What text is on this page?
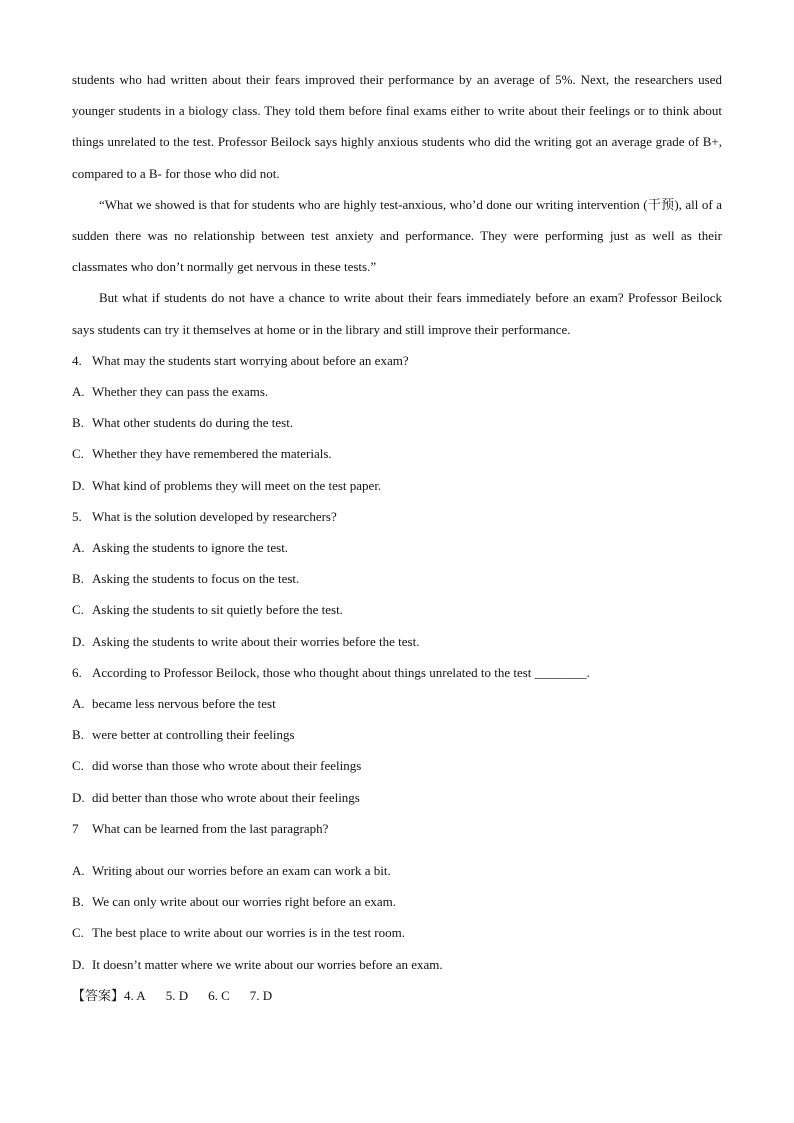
students who had written about their fears improved their performance by an average of 5%. Next, the researchers used younger students in a biology class. They told them before final exams either to write about their feelings or to think about things unrelated to the test. Professor Beilock says highly anxious students who did the writing got an average grade of B+, compared to a B- for those who did not.

“What we showed is that for students who are highly test-anxious, who’d done our writing intervention (干预), all of a sudden there was no relationship between test anxiety and performance. They were performing just as well as their classmates who don’t normally get nervous in these tests.”

But what if students do not have a chance to write about their fears immediately before an exam? Professor Beilock says students can try it themselves at home or in the library and still improve their performance.

4. What may the students start worrying about before an exam?

A. Whether they can pass the exams.

B. What other students do during the test.

C. Whether they have remembered the materials.

D. What kind of problems they will meet on the test paper.

5. What is the solution developed by researchers?

A. Asking the students to ignore the test.

B. Asking the students to focus on the test.

C. Asking the students to sit quietly before the test.

D. Asking the students to write about their worries before the test.

6. According to Professor Beilock, those who thought about things unrelated to the test ________.

A. became less nervous before the test

B. were better at controlling their feelings

C. did worse than those who wrote about their feelings

D. did better than those who wrote about their feelings

7 What can be learned from the last paragraph?

A. Writing about our worries before an exam can work a bit.

B. We can only write about our worries right before an exam.

C. The best place to write about our worries is in the test room.

D. It doesn’t matter where we write about our worries before an exam.

【答案】4. A 5. D 6. C 7. D
